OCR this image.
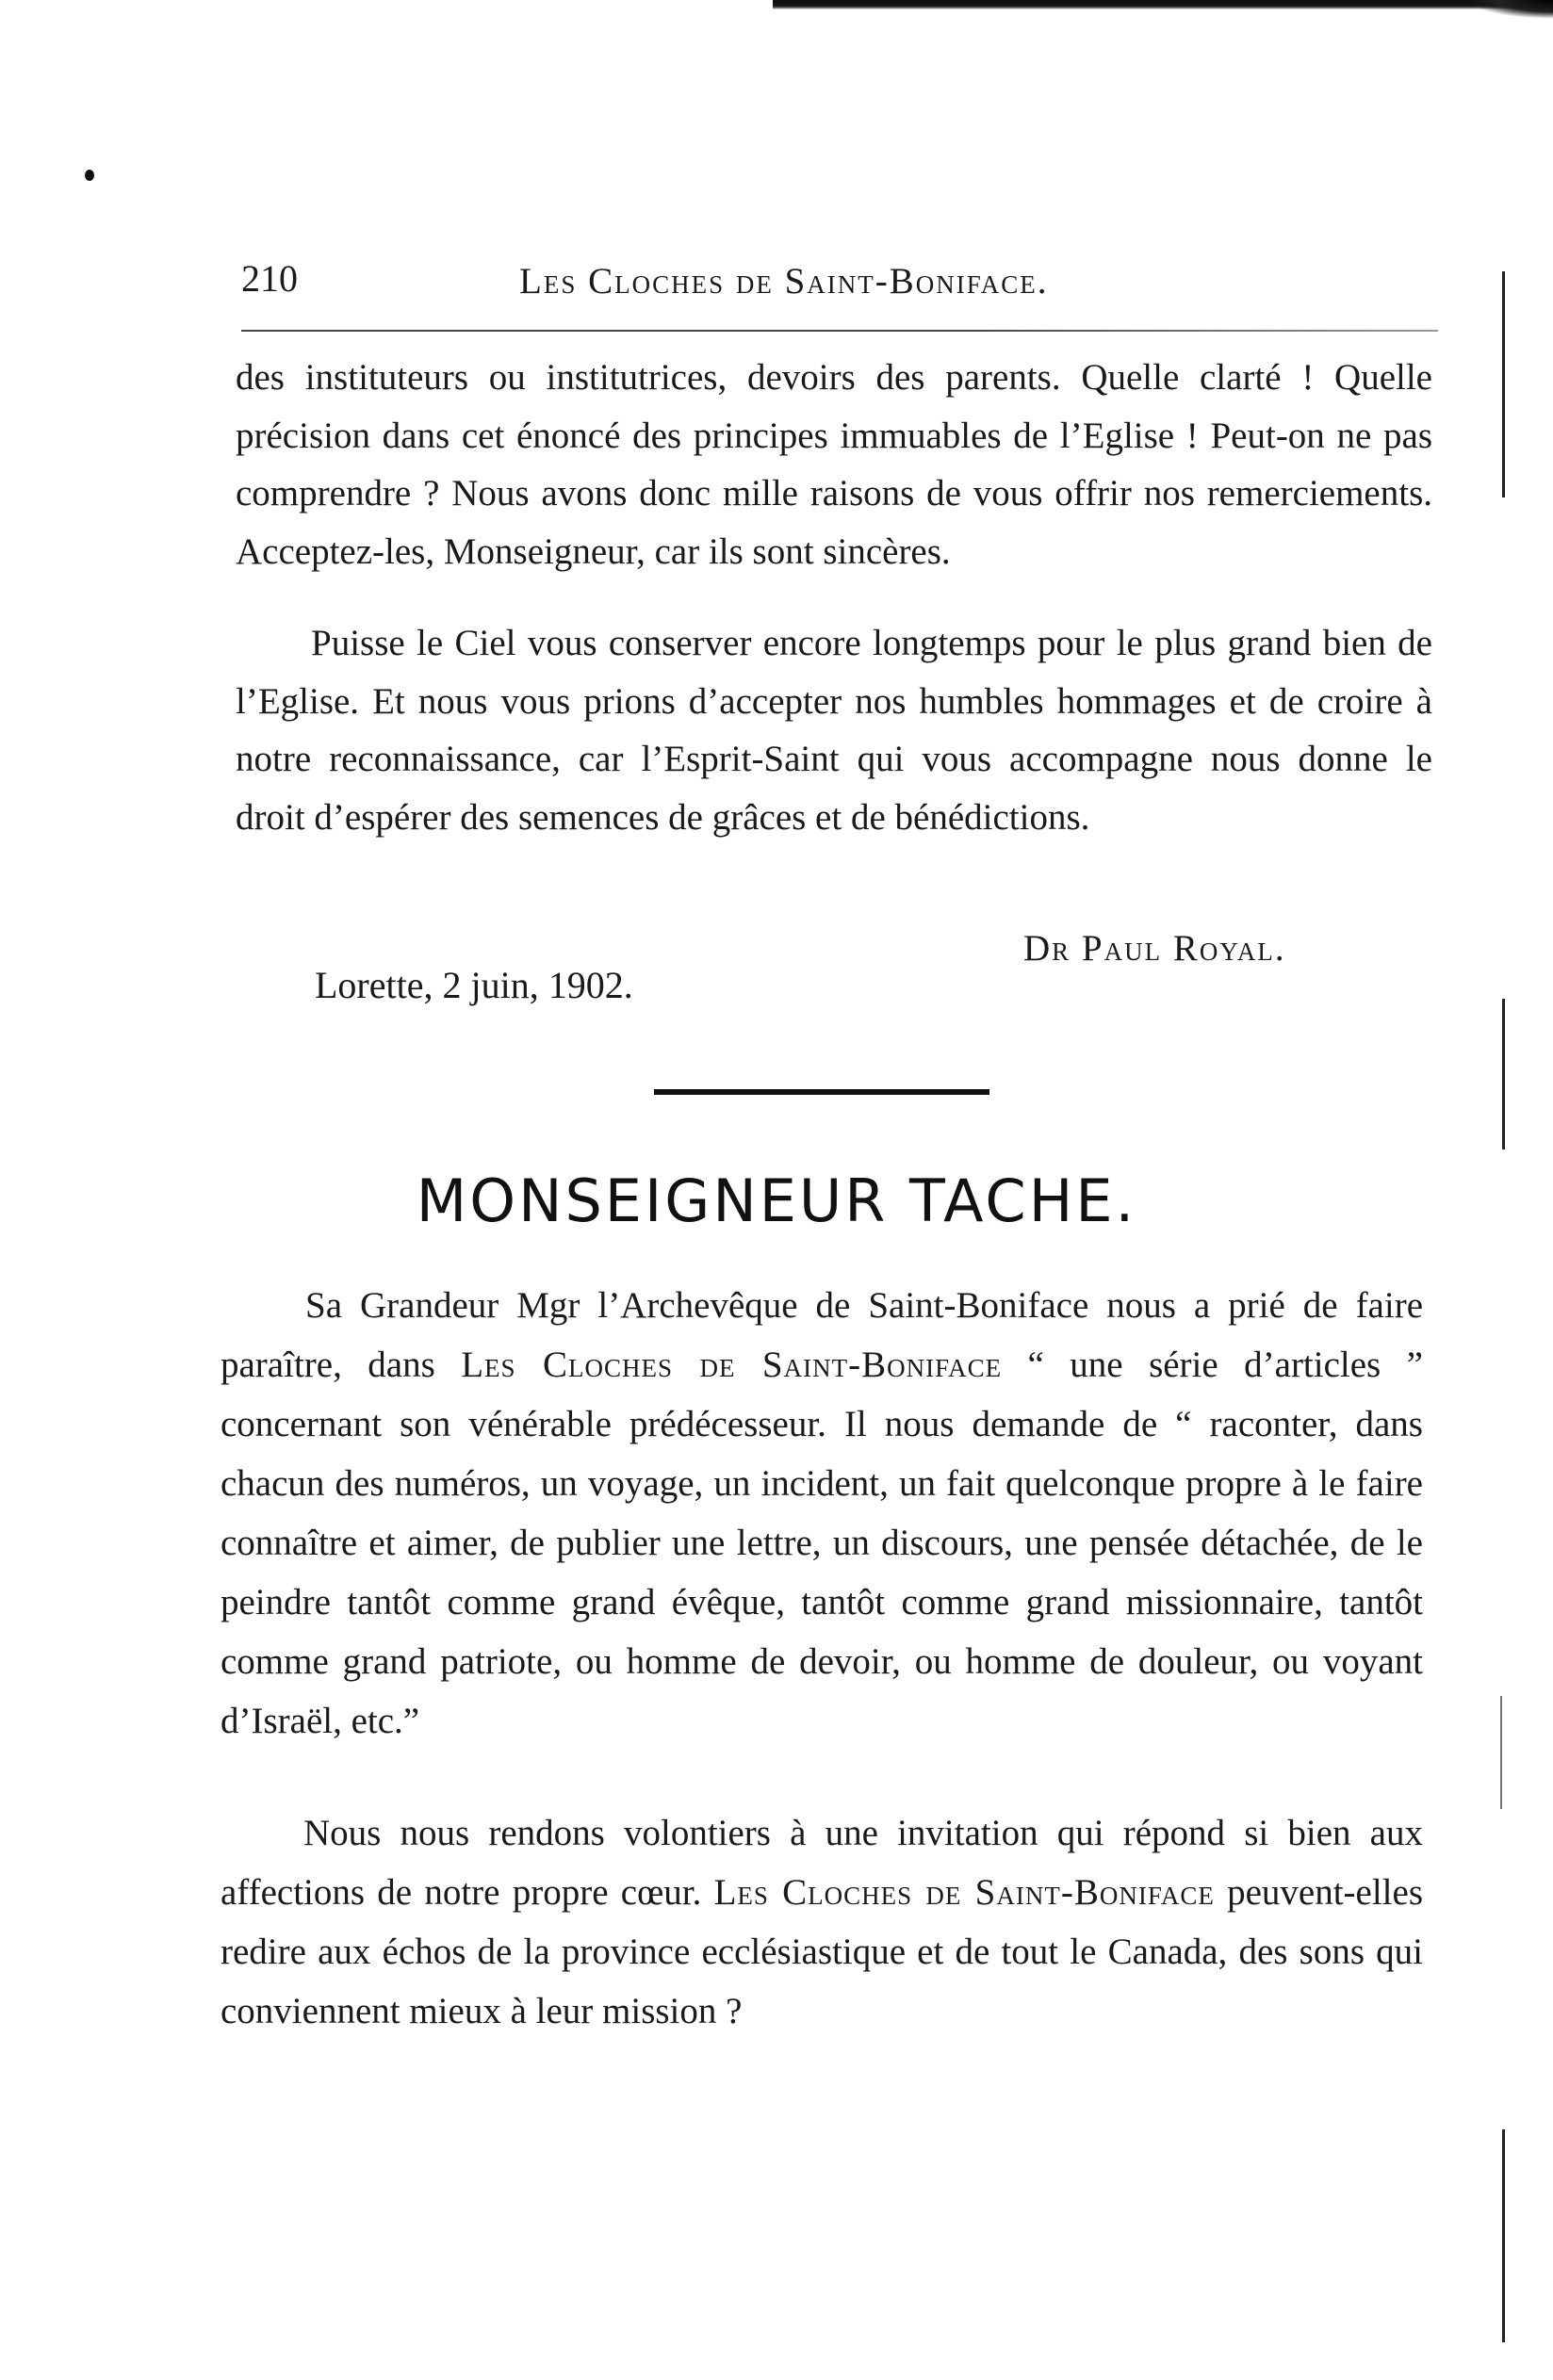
210	Les Cloches de Saint-Boniface.

des instituteurs ou institutrices, devoirs des parents. Quelle clarté ! Quelle précision dans cet énoncé des principes immuables de l’Eglise ! Peut-on ne pas comprendre ? Nous avons donc mille raisons de vous offrir nos remerciements. Acceptez-les, Monseigneur, car ils sont sincères.

Puisse le Ciel vous conserver encore longtemps pour le plus grand bien de l’Eglise. Et nous vous prions d’accepter nos humbles hommages et de croire à notre reconnaissance, car l’Esprit-Saint qui vous accompagne nous donne le droit d’espérer des semences de grâces et de bénédictions.

Dr Paul Royal.
Lorette, 2 juin, 1902.
MONSEIGNEUR TACHE.

Sa Grandeur Mgr l’Archevêque de Saint-Boniface nous a prié de faire paraître, dans Les Cloches de Saint-Boniface “ une série d’articles ” concernant son vénérable prédécesseur. Il nous demande de “ raconter, dans chacun des numéros, un voyage, un incident, un fait quelconque propre à le faire connaître et aimer, de publier une lettre, un discours, une pensée détachée, de le peindre tantôt comme grand évêque, tantôt comme grand missionnaire, tantôt comme grand patriote, ou homme de devoir, ou homme de douleur, ou voyant d’Israël, etc.”

Nous nous rendons volontiers à une invitation qui répond si bien aux affections de notre propre cœur. Les Cloches de Saint-Boniface peuvent-elles redire aux échos de la province ecclésiastique et de tout le Canada, des sons qui conviennent mieux à leur mission ?
